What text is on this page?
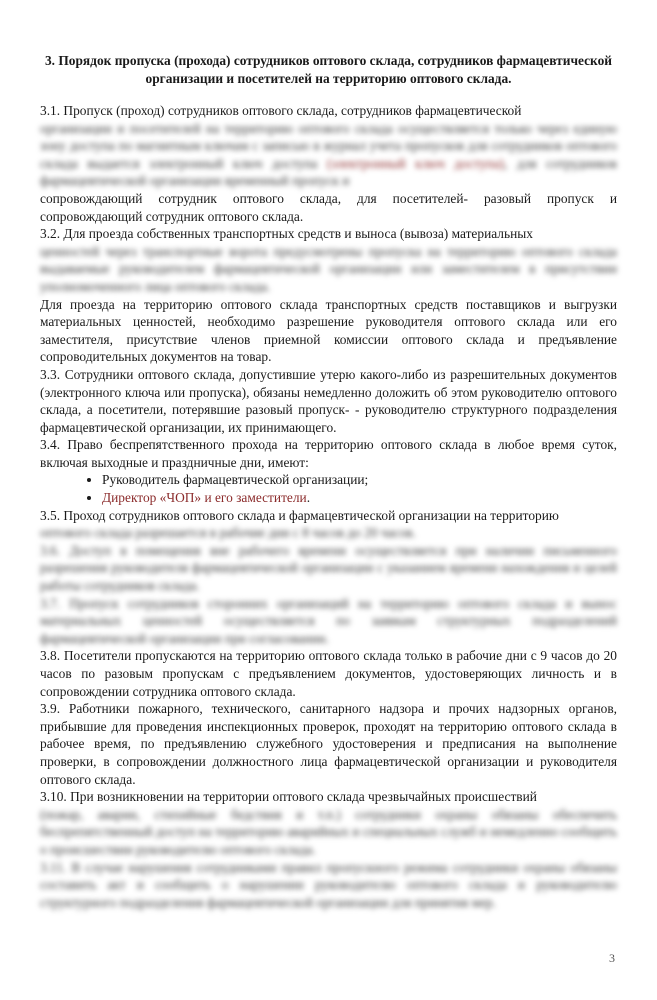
3. Порядок пропуска (прохода) сотрудников оптового склада, сотрудников фармацевтической организации и посетителей на территорию оптового склада.

3.1. Пропуск (проход) сотрудников оптового склада, сотрудников фармацевтической

организации и посетителей на территорию оптового склада осуществляется только через единую зону доступа по магнитным ключам с записью в журнал учета пропусков для сотрудников оптового склада выдается электронный ключ доступа (электронный ключ доступа), для сотрудников фармацевтической организации временный пропуск и

сопровождающий сотрудник оптового склада, для посетителей- разовый пропуск и сопровождающий сотрудник оптового склада.

3.2. Для проезда собственных транспортных средств и выноса (вывоза) материальных

ценностей через транспортные ворота предусмотрены пропуска на территорию оптового склада выдаваемые руководителем фармацевтической организации или заместителем в присутствии уполномоченного лица оптового склада.

Для проезда на территорию оптового склада транспортных средств поставщиков и выгрузки материальных ценностей, необходимо разрешение руководителя оптового склада или его заместителя, присутствие членов приемной комиссии оптового склада и предъявление сопроводительных документов на товар.

3.3. Сотрудники оптового склада, допустившие утерю какого-либо из разрешительных документов (электронного ключа или пропуска), обязаны немедленно доложить об этом руководителю оптового склада, а посетители, потерявшие разовый пропуск- - руководителю структурного подразделения фармацевтической организации, их принимающего.

3.4. Право беспрепятственного прохода на территорию оптового склада в любое время суток, включая выходные и праздничные дни, имеют:

• Руководитель фармацевтической организации;
• Директор «ЧОП» и его заместители.

3.5. Проход сотрудников оптового склада и фармацевтической организации на территорию

оптового склада разрешается в рабочие дни с 8 часов до 20 часов.
3.6. Доступ в помещения вне рабочего времени осуществляется при наличии письменного разрешения руководителя фармацевтической организации с указанием времени нахождения и целей работы сотрудников склада.
3.7. Пропуск сотрудников сторонних организаций на территорию оптового склада и вынос материальных ценностей осуществляется по заявкам структурных подразделений фармацевтической организации при согласовании.

3.8. Посетители пропускаются на территорию оптового склада только в рабочие дни с 9 часов до 20 часов по разовым пропускам с предъявлением документов, удостоверяющих личность и в сопровождении сотрудника оптового склада.

3.9. Работники пожарного, технического, санитарного надзора и прочих надзорных органов, прибывшие для проведения инспекционных проверок, проходят на территорию оптового склада в рабочее время, по предъявлению служебного удостоверения и предписания на выполнение проверки, в сопровождении должностного лица фармацевтической организации и руководителя оптового склада.

3.10. При возникновении на территории оптового склада чрезвычайных происшествий

(пожар, аварии, стихийные бедствия и т.п.) сотрудники охраны обязаны обеспечить беспрепятственный доступ на территорию аварийных и специальных служб и немедленно сообщить о происшествии руководителю оптового склада.
3.11. В случае нарушения сотрудниками правил пропускного режима сотрудники охраны обязаны составить акт и сообщить о нарушении руководителю оптового склада и руководителю структурного подразделения фармацевтической организации для принятия мер.
3
